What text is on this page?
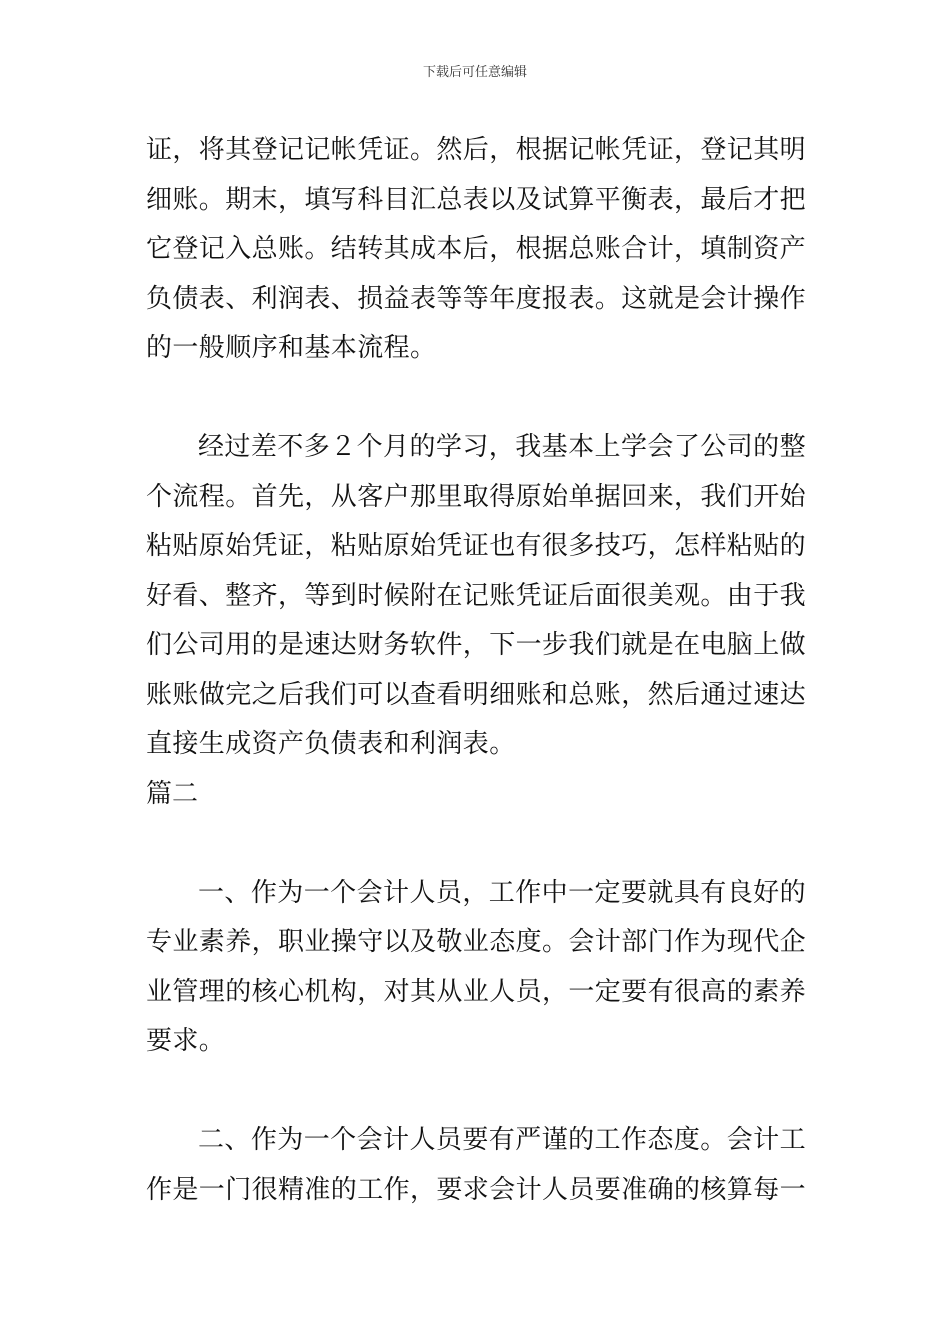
下载后可任意编辑

证，将其登记记帐凭证。然后，根据记帐凭证，登记其明细账。期末，填写科目汇总表以及试算平衡表，最后才把它登记入总账。结转其成本后，根据总账合计，填制资产负债表、利润表、损益表等等年度报表。这就是会计操作的一般顺序和基本流程。

经过差不多２个月的学习，我基本上学会了公司的整个流程。首先，从客户那里取得原始单据回来，我们开始粘贴原始凭证，粘贴原始凭证也有很多技巧，怎样粘贴的好看、整齐，等到时候附在记账凭证后面很美观。由于我们公司用的是速达财务软件，下一步我们就是在电脑上做账账做完之后我们可以查看明细账和总账，然后通过速达直接生成资产负债表和利润表。

篇二

一、作为一个会计人员，工作中一定要就具有良好的专业素养，职业操守以及敬业态度。会计部门作为现代企业管理的核心机构，对其从业人员，一定要有很高的素养要求。

二、作为一个会计人员要有严谨的工作态度。会计工作是一门很精准的工作，要求会计人员要准确的核算每一
